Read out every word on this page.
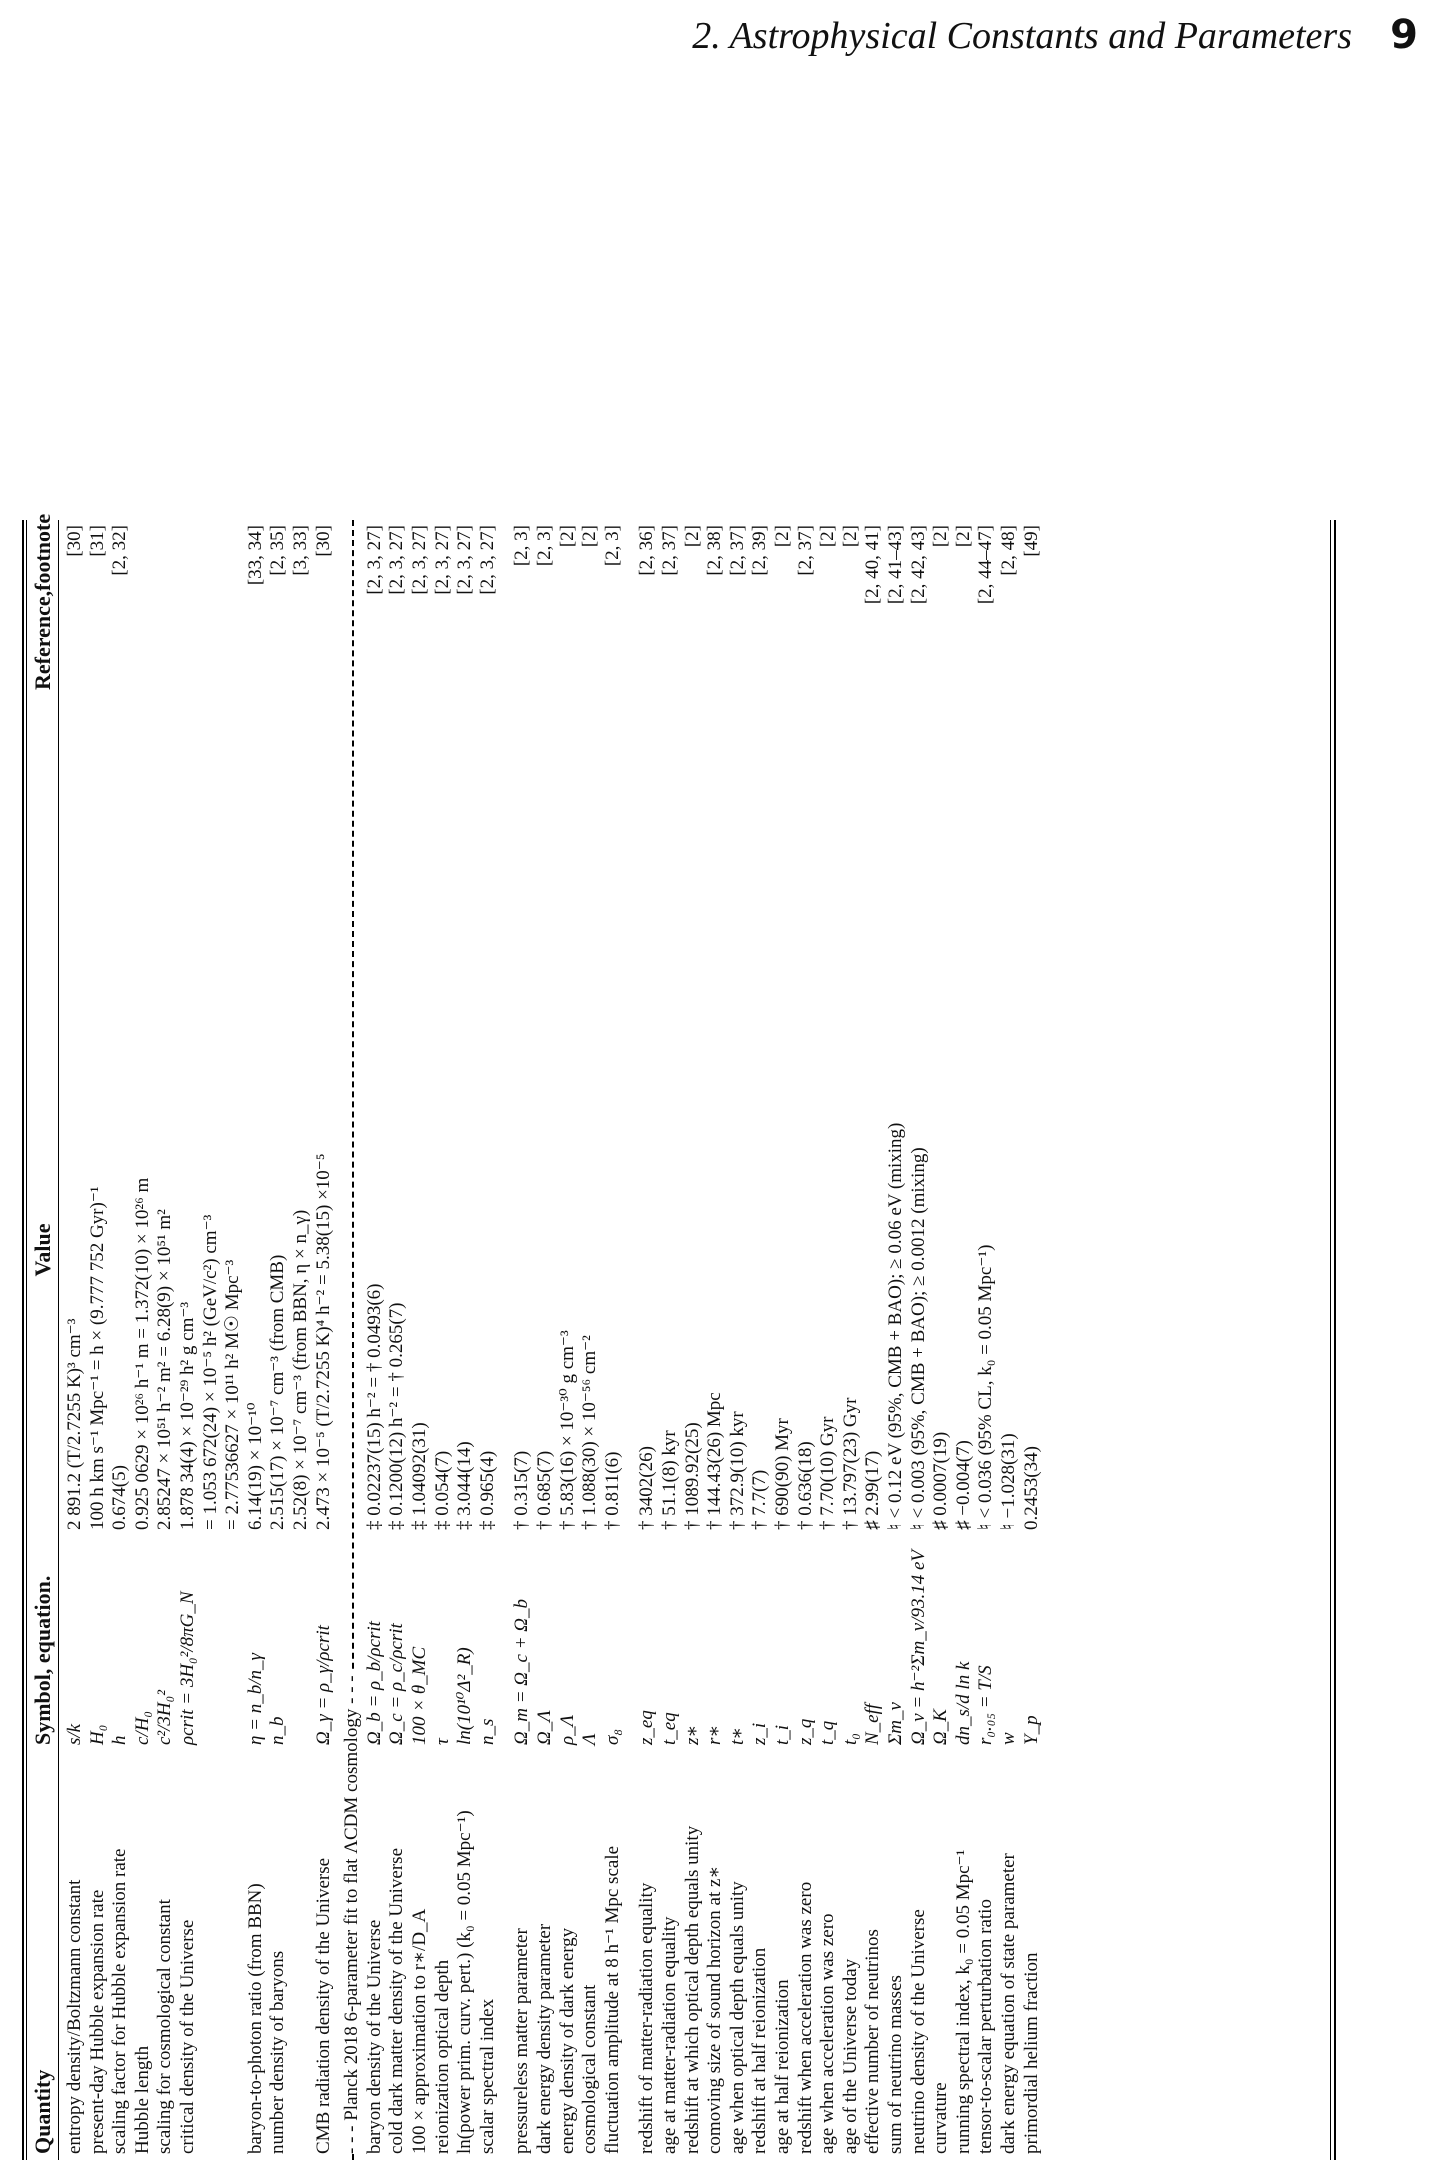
2. Astrophysical Constants and Parameters 9
Quantity
Symbol, equation.
Value
Reference,footnote
entropy density/Boltzmann constant
s/k
2 891.2 (T/2.7255 K)³ cm⁻³
[30]
present-day Hubble expansion rate
H₀
100 h km s⁻¹ Mpc⁻¹ = h × (9.777 752 Gyr)⁻¹
[31]
scaling factor for Hubble expansion rate
h
0.674(5)
[2, 32]
Hubble length
c/H₀
0.925 0629 × 10²⁶ h⁻¹ m = 1.372(10) × 10²⁶ m
scaling for cosmological constant
c²/3H₀²
2.85247 × 10⁵¹ h⁻² m² = 6.28(9) × 10⁵¹ m²
critical density of the Universe
ρcrit = 3H₀²/8πG_N
1.878 34(4) × 10⁻²⁹ h² g cm⁻³ = 1.053 672(24) × 10⁻⁵ h² (GeV/c²) cm⁻³ = 2.77536627 × 10¹¹ h² M☉ Mpc⁻³
baryon-to-photon ratio (from BBN)
η = n_b/n_γ
6.14(19) × 10⁻¹⁰
[33, 34]
number density of baryons
n_b
2.515(17) × 10⁻⁷ cm⁻³ (from CMB)
[2, 35]
2.52(8) × 10⁻⁷ cm⁻³ (from BBN, η × n_γ)
[3, 33]
CMB radiation density of the Universe
Ω_γ = ρ_γ/ρcrit
2.473 × 10⁻⁵ (T/2.7255 K)⁴ h⁻² = 5.38(15) ×10⁻⁵
[30]
- - - Planck 2018 6-parameter fit to flat ΛCDM cosmology - - - baryon density of the Universe
Ω_b = ρ_b/ρcrit
‡ 0.02237(15) h⁻² = † 0.0493(6)
[2, 3, 27]
cold dark matter density of the Universe
Ω_c = ρ_c/ρcrit
‡ 0.1200(12) h⁻² = † 0.265(7)
[2, 3, 27]
100 × approximation to r∗/D_A
100 × θ_MC
‡ 1.04092(31)
[2, 3, 27]
reionization optical depth
τ
‡ 0.054(7)
[2, 3, 27]
ln(power prim. curv. pert.) (k₀ = 0.05 Mpc⁻¹)
ln(10¹⁰Δ²_R)
‡ 3.044(14)
[2, 3, 27]
scalar spectral index
n_s
‡ 0.965(4)
[2, 3, 27]
pressureless matter parameter
Ω_m = Ω_c + Ω_b
† 0.315(7)
[2, 3]
dark energy density parameter
Ω_Λ
† 0.685(7)
[2, 3]
energy density of dark energy
ρ_Λ
† 5.83(16) × 10⁻³⁰ g cm⁻³
[2]
cosmological constant
Λ
† 1.088(30) × 10⁻⁵⁶ cm⁻²
[2]
fluctuation amplitude at 8 h⁻¹ Mpc scale
σ₈
† 0.811(6)
[2, 3]
redshift of matter-radiation equality
z_eq
† 3402(26)
[2, 36]
age at matter-radiation equality
t_eq
† 51.1(8) kyr
[2, 37]
redshift at which optical depth equals unity
z∗
† 1089.92(25)
[2]
comoving size of sound horizon at z∗
r∗
† 144.43(26) Mpc
[2, 38]
age when optical depth equals unity
t∗
† 372.9(10) kyr
[2, 37]
redshift at half reionization
z_i
† 7.7(7)
[2, 39]
age at half reionization
t_i
† 690(90) Myr
[2]
redshift when acceleration was zero
z_q
† 0.636(18)
[2, 37]
age when acceleration was zero
t_q
† 7.70(10) Gyr
[2]
age of the Universe today
t₀
† 13.797(23) Gyr
[2]
effective number of neutrinos
N_eff
♯ 2.99(17)
[2, 40, 41]
sum of neutrino masses
Σm_ν
♮ < 0.12 eV (95%, CMB + BAO); ≥ 0.06 eV (mixing)
[2, 41–43]
neutrino density of the Universe
Ω_ν = h⁻²Σm_ν/93.14 eV
♮ < 0.003 (95%, CMB + BAO); ≥ 0.0012 (mixing)
[2, 42, 43]
curvature
Ω_K
♯ 0.0007(19)
[2]
running spectral index, k₀ = 0.05 Mpc⁻¹
dn_s/d ln k
♯ −0.004(7)
[2]
tensor-to-scalar perturbation ratio
r₀.₀₅ = T/S
♮ < 0.036 (95% CL, k₀ = 0.05 Mpc⁻¹)
[2, 44–47]
dark energy equation of state parameter
w
♮ −1.028(31)
[2, 48]
primordial helium fraction
Y_p
0.2453(34)
[49]
